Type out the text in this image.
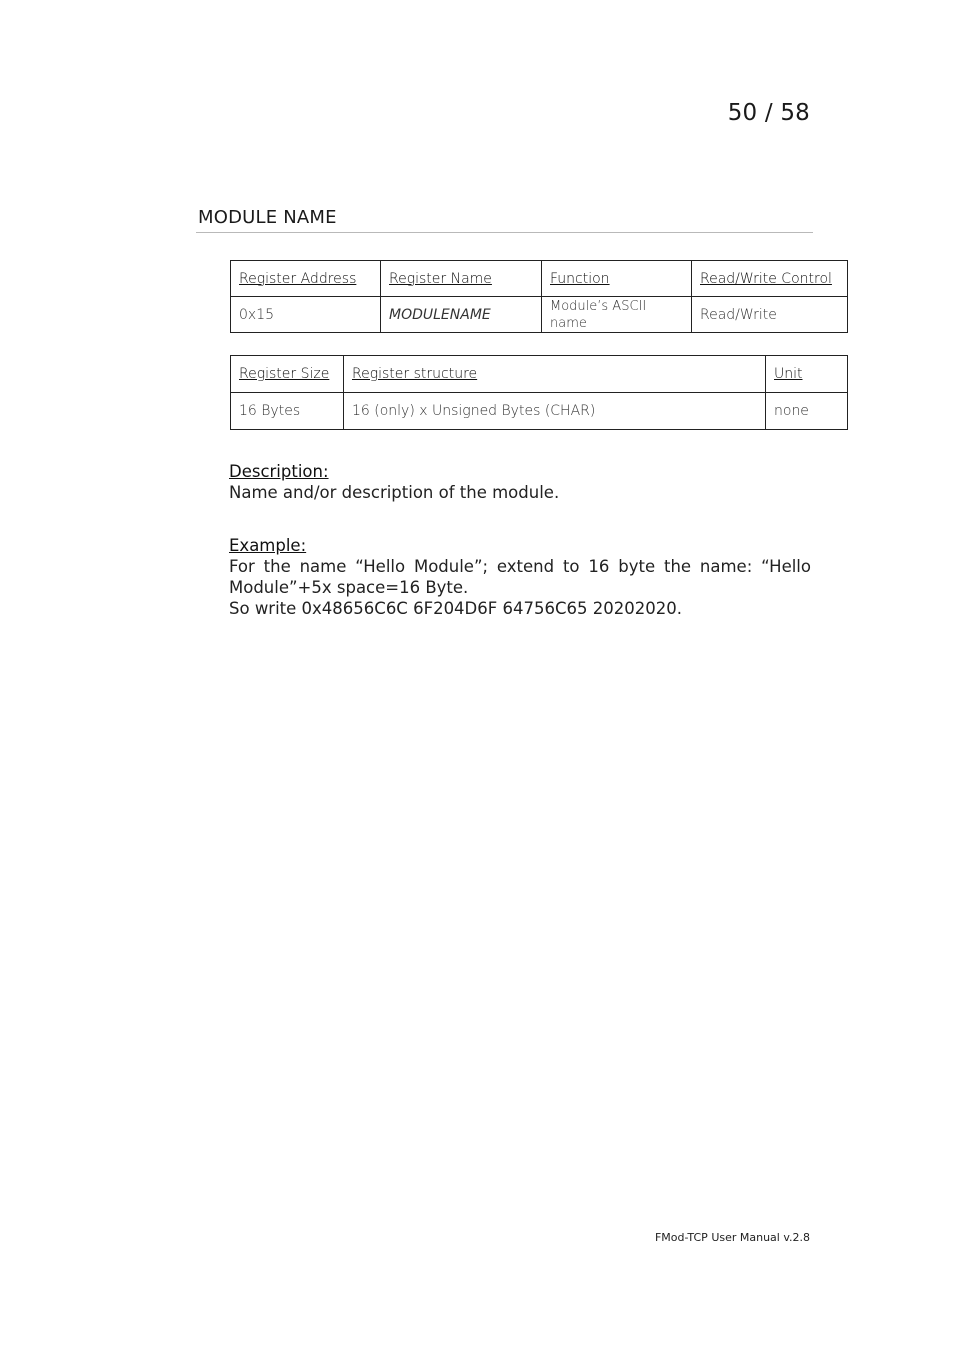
50 / 58
MODULE NAME
Register Address	Register Name	Function	Read/Write Control
0x15	MODULENAME	Module’s ASCII name	Read/Write
Register Size	Register structure	Unit
16 Bytes	16 (only) x Unsigned Bytes (CHAR)	none

Description:

Name and/or description of the module.

Example:

For the name “Hello Module”; extend to 16 byte the name: “Hello Module”+5x space=16 Byte.

So write 0x48656C6C 6F204D6F 64756C65 20202020.

FMod-TCP User Manual v.2.8
